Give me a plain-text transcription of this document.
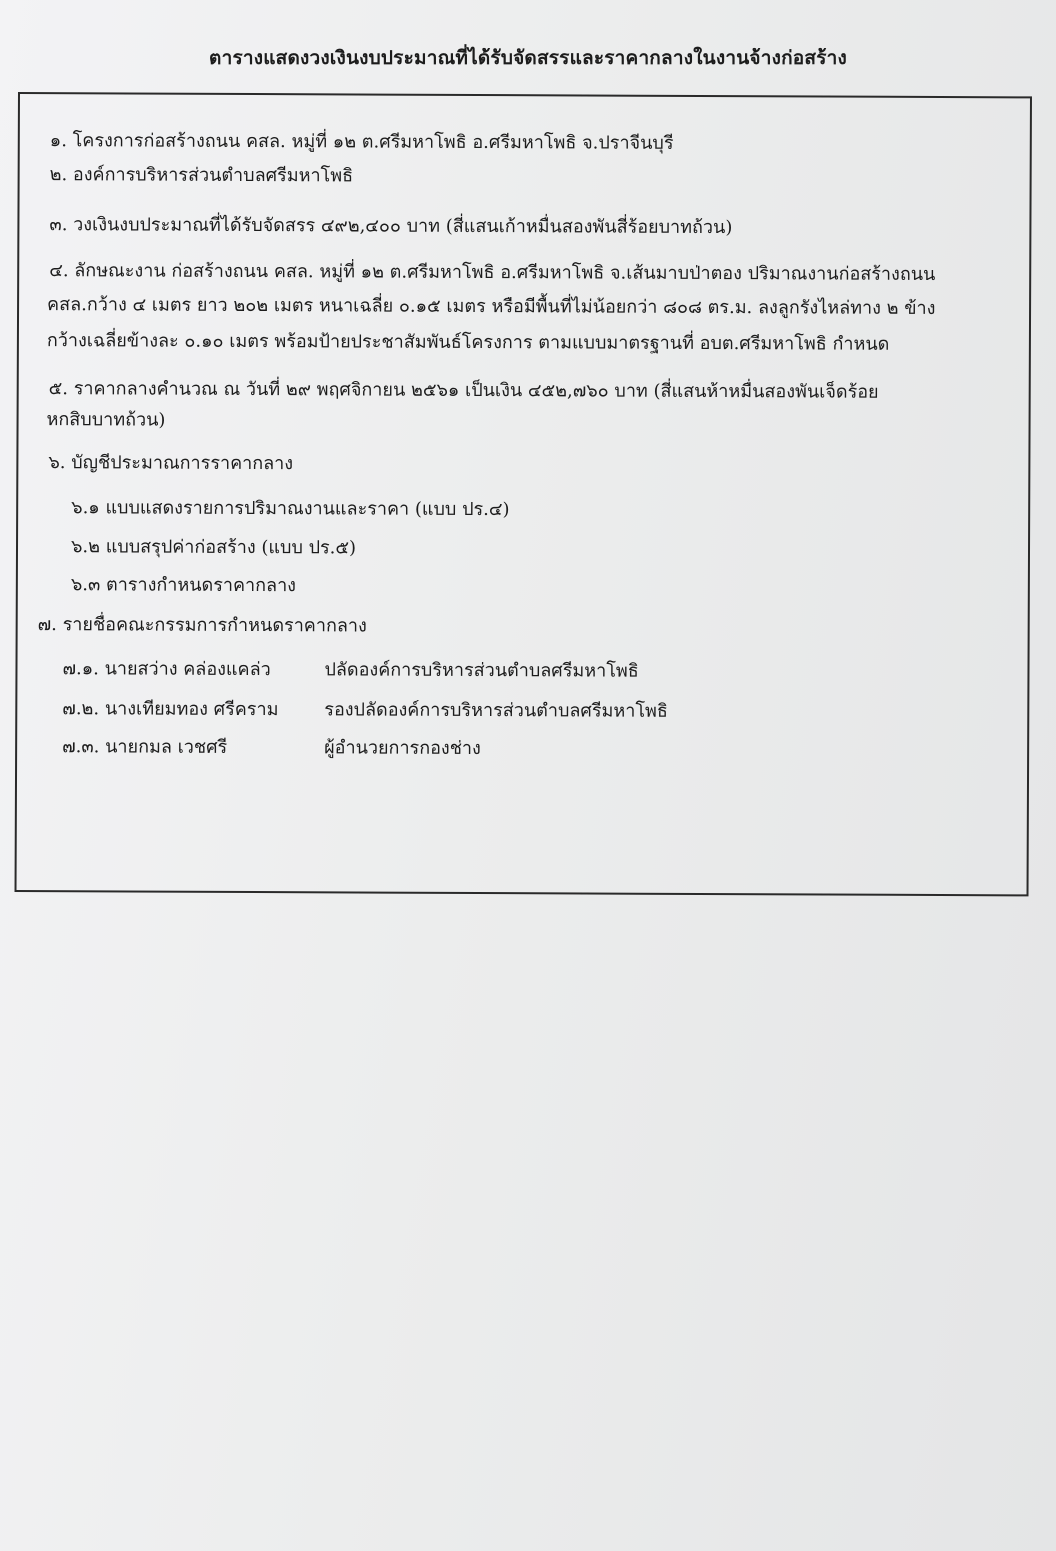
ตารางแสดงวงเงินงบประมาณที่ได้รับจัดสรรและราคากลางในงานจ้างก่อสร้าง
๑. โครงการก่อสร้างถนน คสล. หมู่ที่ ๑๒ ต.ศรีมหาโพธิ อ.ศรีมหาโพธิ จ.ปราจีนบุรี
๒. องค์การบริหารส่วนตำบลศรีมหาโพธิ
๓. วงเงินงบประมาณที่ได้รับจัดสรร ๔๙๒,๔๐๐ บาท (สี่แสนเก้าหมื่นสองพันสี่ร้อยบาทถ้วน)
๔. ลักษณะงาน ก่อสร้างถนน คสล. หมู่ที่ ๑๒ ต.ศรีมหาโพธิ อ.ศรีมหาโพธิ จ.เส้นมาบป่าตอง ปริมาณงานก่อสร้างถนน
คสล.กว้าง ๔ เมตร ยาว ๒๐๒ เมตร หนาเฉลี่ย ๐.๑๕ เมตร หรือมีพื้นที่ไม่น้อยกว่า ๘๐๘ ตร.ม. ลงลูกรังไหล่ทาง ๒ ข้าง
กว้างเฉลี่ยข้างละ ๐.๑๐ เมตร พร้อมป้ายประชาสัมพันธ์โครงการ ตามแบบมาตรฐานที่ อบต.ศรีมหาโพธิ กำหนด
๕. ราคากลางคำนวณ ณ วันที่ ๒๙ พฤศจิกายน ๒๕๖๑ เป็นเงิน ๔๕๒,๗๖๐ บาท (สี่แสนห้าหมื่นสองพันเจ็ดร้อย
หกสิบบาทถ้วน)
๖. บัญชีประมาณการราคากลาง
๖.๑ แบบแสดงรายการปริมาณงานและราคา (แบบ ปร.๔)
๖.๒ แบบสรุปค่าก่อสร้าง (แบบ ปร.๕)
๖.๓ ตารางกำหนดราคากลาง
๗. รายชื่อคณะกรรมการกำหนดราคากลาง
๗.๑. นายสว่าง คล่องแคล่ว	ปลัดองค์การบริหารส่วนตำบลศรีมหาโพธิ
๗.๒. นางเทียมทอง ศรีคราม	รองปลัดองค์การบริหารส่วนตำบลศรีมหาโพธิ
๗.๓. นายกมล เวชศรี	ผู้อำนวยการกองช่าง
